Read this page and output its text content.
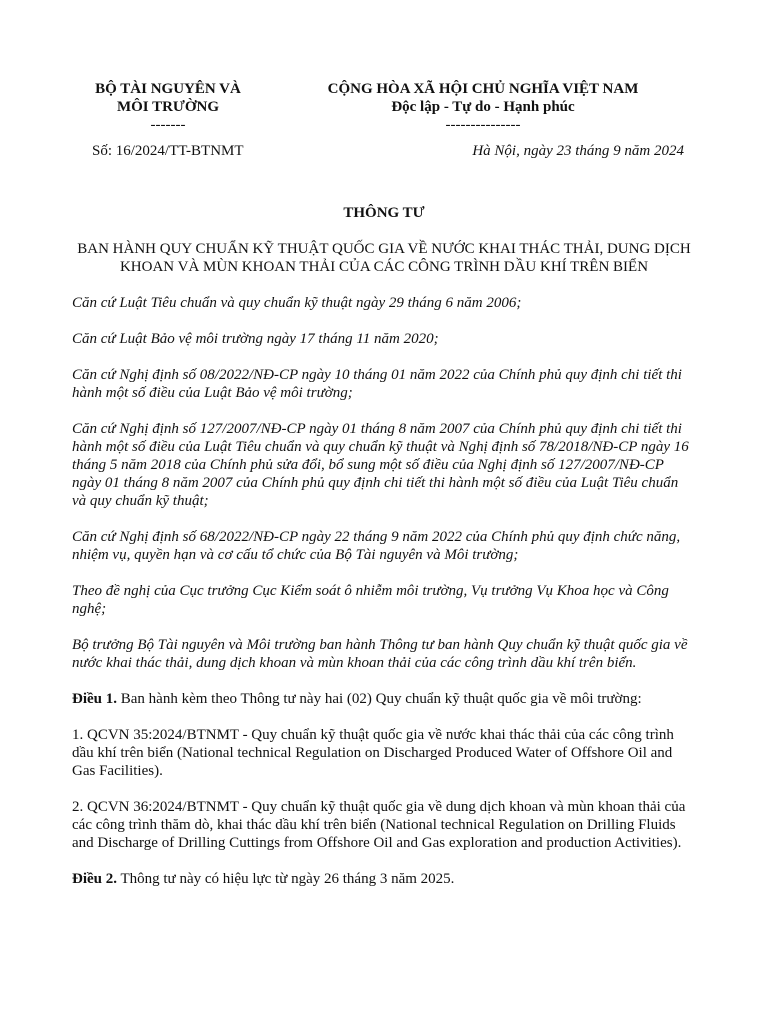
BỘ TÀI NGUYÊN VÀ
MÔI TRƯỜNG
-------
CỘNG HÒA XÃ HỘI CHỦ NGHĨA VIỆT NAM
Độc lập - Tự do - Hạnh phúc
---------------
Số: 16/2024/TT-BTNMT	Hà Nội, ngày 23 tháng 9 năm 2024
THÔNG TƯ
BAN HÀNH QUY CHUẨN KỸ THUẬT QUỐC GIA VỀ NƯỚC KHAI THÁC THẢI, DUNG DỊCH KHOAN VÀ MÙN KHOAN THẢI CỦA CÁC CÔNG TRÌNH DẦU KHÍ TRÊN BIỂN

Căn cứ Luật Tiêu chuẩn và quy chuẩn kỹ thuật ngày 29 tháng 6 năm 2006;

Căn cứ Luật Bảo vệ môi trường ngày 17 tháng 11 năm 2020;

Căn cứ Nghị định số 08/2022/NĐ-CP ngày 10 tháng 01 năm 2022 của Chính phủ quy định chi tiết thi hành một số điều của Luật Bảo vệ môi trường;

Căn cứ Nghị định số 127/2007/NĐ-CP ngày 01 tháng 8 năm 2007 của Chính phủ quy định chi tiết thi hành một số điều của Luật Tiêu chuẩn và quy chuẩn kỹ thuật và Nghị định số 78/2018/NĐ-CP ngày 16 tháng 5 năm 2018 của Chính phủ sửa đổi, bổ sung một số điều của Nghị định số 127/2007/NĐ-CP ngày 01 tháng 8 năm 2007 của Chính phủ quy định chi tiết thi hành một số điều của Luật Tiêu chuẩn và quy chuẩn kỹ thuật;

Căn cứ Nghị định số 68/2022/NĐ-CP ngày 22 tháng 9 năm 2022 của Chính phủ quy định chức năng, nhiệm vụ, quyền hạn và cơ cấu tổ chức của Bộ Tài nguyên và Môi trường;

Theo đề nghị của Cục trưởng Cục Kiểm soát ô nhiễm môi trường, Vụ trưởng Vụ Khoa học và Công nghệ;

Bộ trưởng Bộ Tài nguyên và Môi trường ban hành Thông tư ban hành Quy chuẩn kỹ thuật quốc gia về nước khai thác thải, dung dịch khoan và mùn khoan thải của các công trình dầu khí trên biển.

Điều 1. Ban hành kèm theo Thông tư này hai (02) Quy chuẩn kỹ thuật quốc gia về môi trường:

1. QCVN 35:2024/BTNMT - Quy chuẩn kỹ thuật quốc gia về nước khai thác thải của các công trình dầu khí trên biển (National technical Regulation on Discharged Produced Water of Offshore Oil and Gas Facilities).

2. QCVN 36:2024/BTNMT - Quy chuẩn kỹ thuật quốc gia về dung dịch khoan và mùn khoan thải của các công trình thăm dò, khai thác dầu khí trên biển (National technical Regulation on Drilling Fluids and Discharge of Drilling Cuttings from Offshore Oil and Gas exploration and production Activities).

Điều 2. Thông tư này có hiệu lực từ ngày 26 tháng 3 năm 2025.
